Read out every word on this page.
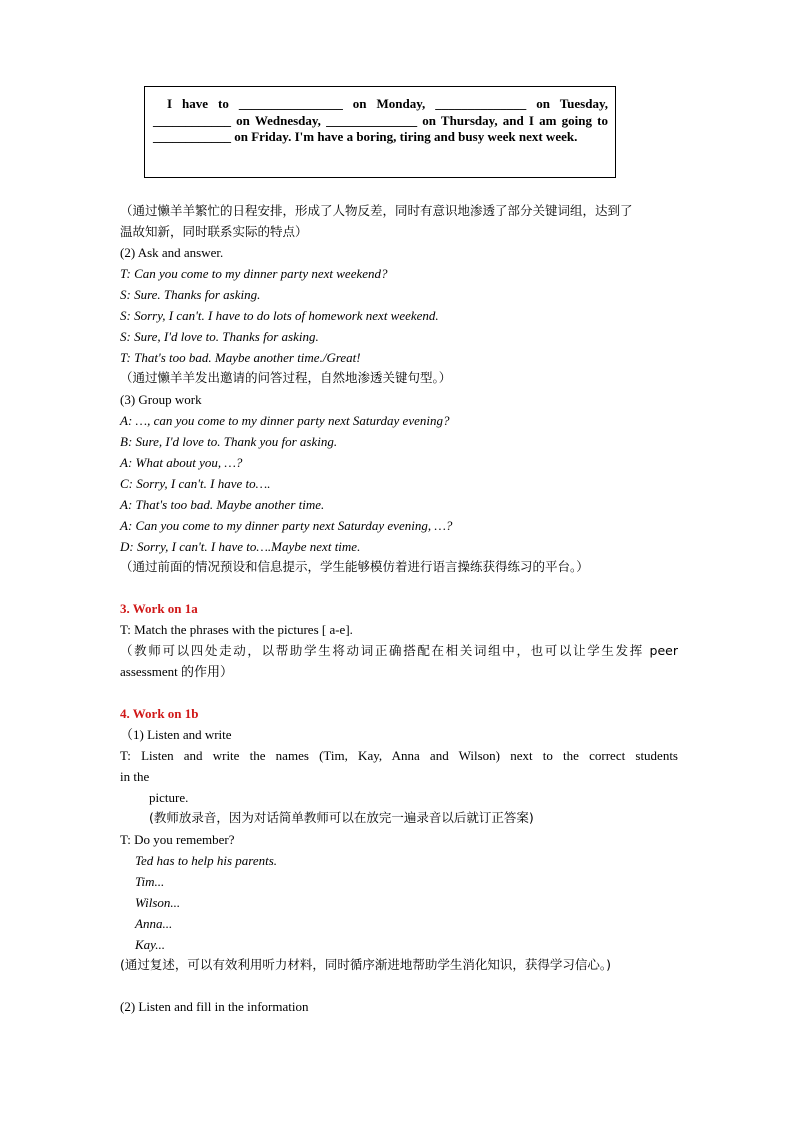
I have to ________________ on Monday, ______________ on Tuesday, ____________ on Wednesday, ______________ on Thursday, and I am going to ____________ on Friday. I'm have a boring, tiring and busy week next week.

（通过懒羊羊繁忙的日程安排，形成了人物反差，同时有意识地渗透了部分关键词组，达到了
温故知新，同时联系实际的特点）
(2) Ask and answer.
T: Can you come to my dinner party next weekend?
S: Sure. Thanks for asking.
S: Sorry, I can't. I have to do lots of homework next weekend.
S: Sure, I'd love to. Thanks for asking.
T: That's too bad. Maybe another time./Great!
（通过懒羊羊发出邀请的问答过程，自然地渗透关键句型。）
(3) Group work
A: …, can you come to my dinner party next Saturday evening?
B: Sure, I'd love to. Thank you for asking.
A: What about you, …?
C: Sorry, I can't. I have to….
A: That's too bad. Maybe another time.
A: Can you come to my dinner party next Saturday evening, …?
D: Sorry, I can't. I have to….Maybe next time.
（通过前面的情况预设和信息提示，学生能够模仿着进行语言操练获得练习的平台。）
3. Work on 1a
T: Match the phrases with the pictures [ a-e].
（教师可以四处走动，以帮助学生将动词正确搭配在相关词组中，也可以让学生发挥 peer
assessment 的作用）
4. Work on 1b
（1) Listen and write
T: Listen and write the names (Tim, Kay, Anna and Wilson) next to the correct students
in the
picture.
(教师放录音，因为对话简单教师可以在放完一遍录音以后就订正答案)
T: Do you remember?
Ted has to help his parents.
Tim...
Wilson...
Anna...
Kay...
(通过复述，可以有效利用听力材料，同时循序渐进地帮助学生消化知识，获得学习信心。)
(2) Listen and fill in the information
